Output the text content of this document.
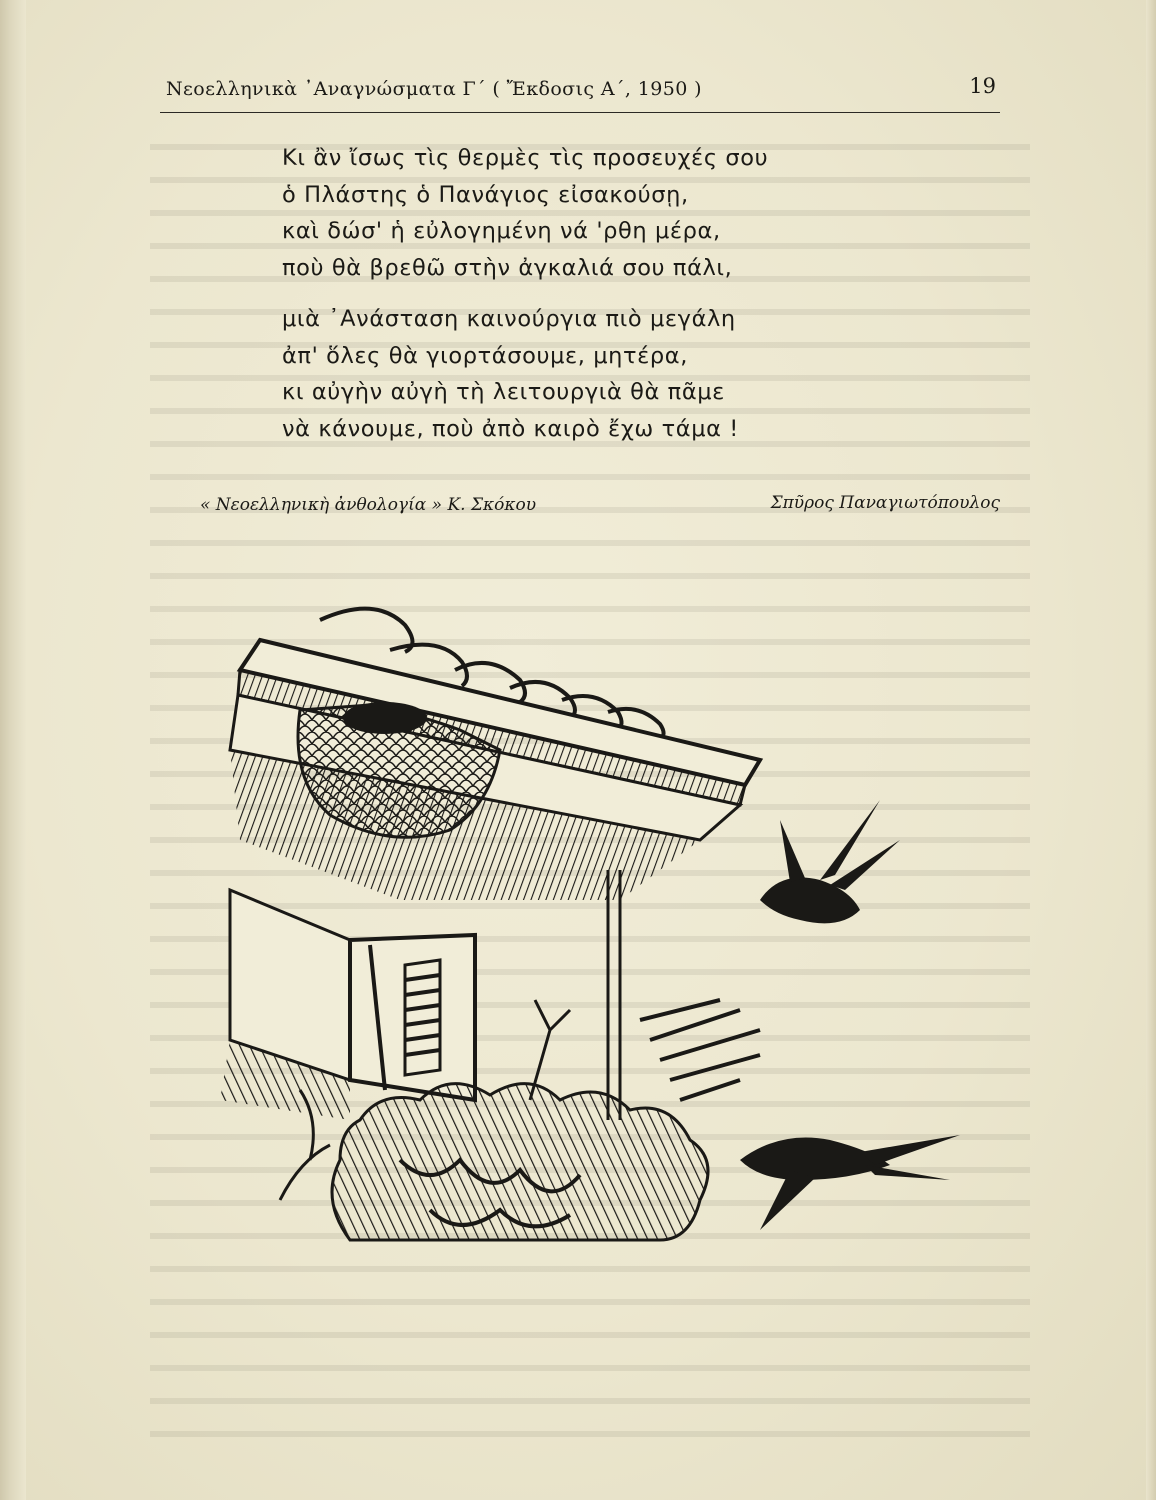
Νεοελληνικὰ ᾿Αναγνώσματα Γ΄ ( Ἔκδοσις Α΄, 1950 )	19
Κι ἂν ἴσως τὶς θερμὲς τὶς προσευχές σου
ὁ Πλάστης ὁ Πανάγιος εἰσακούσῃ,
καὶ δώσ' ἡ εὐλογημένη νά 'ρθη μέρα,
ποὺ θὰ βρεθῶ στὴν ἀγκαλιά σου πάλι,
μιὰ ᾿Ανάσταση καινούργια πιὸ μεγάλη
ἀπ' ὅλες θὰ γιορτάσουμε, μητέρα,
κι αὐγὴν αὐγὴ τὴ λειτουργιὰ θὰ πᾶμε
νὰ κάνουμε, ποὺ ἀπὸ καιρὸ ἔχω τάμα !
« Νεοελληνικὴ ἀνθολογία » Κ. Σκόκου	Σπῦρος Παναγιωτόπουλος
